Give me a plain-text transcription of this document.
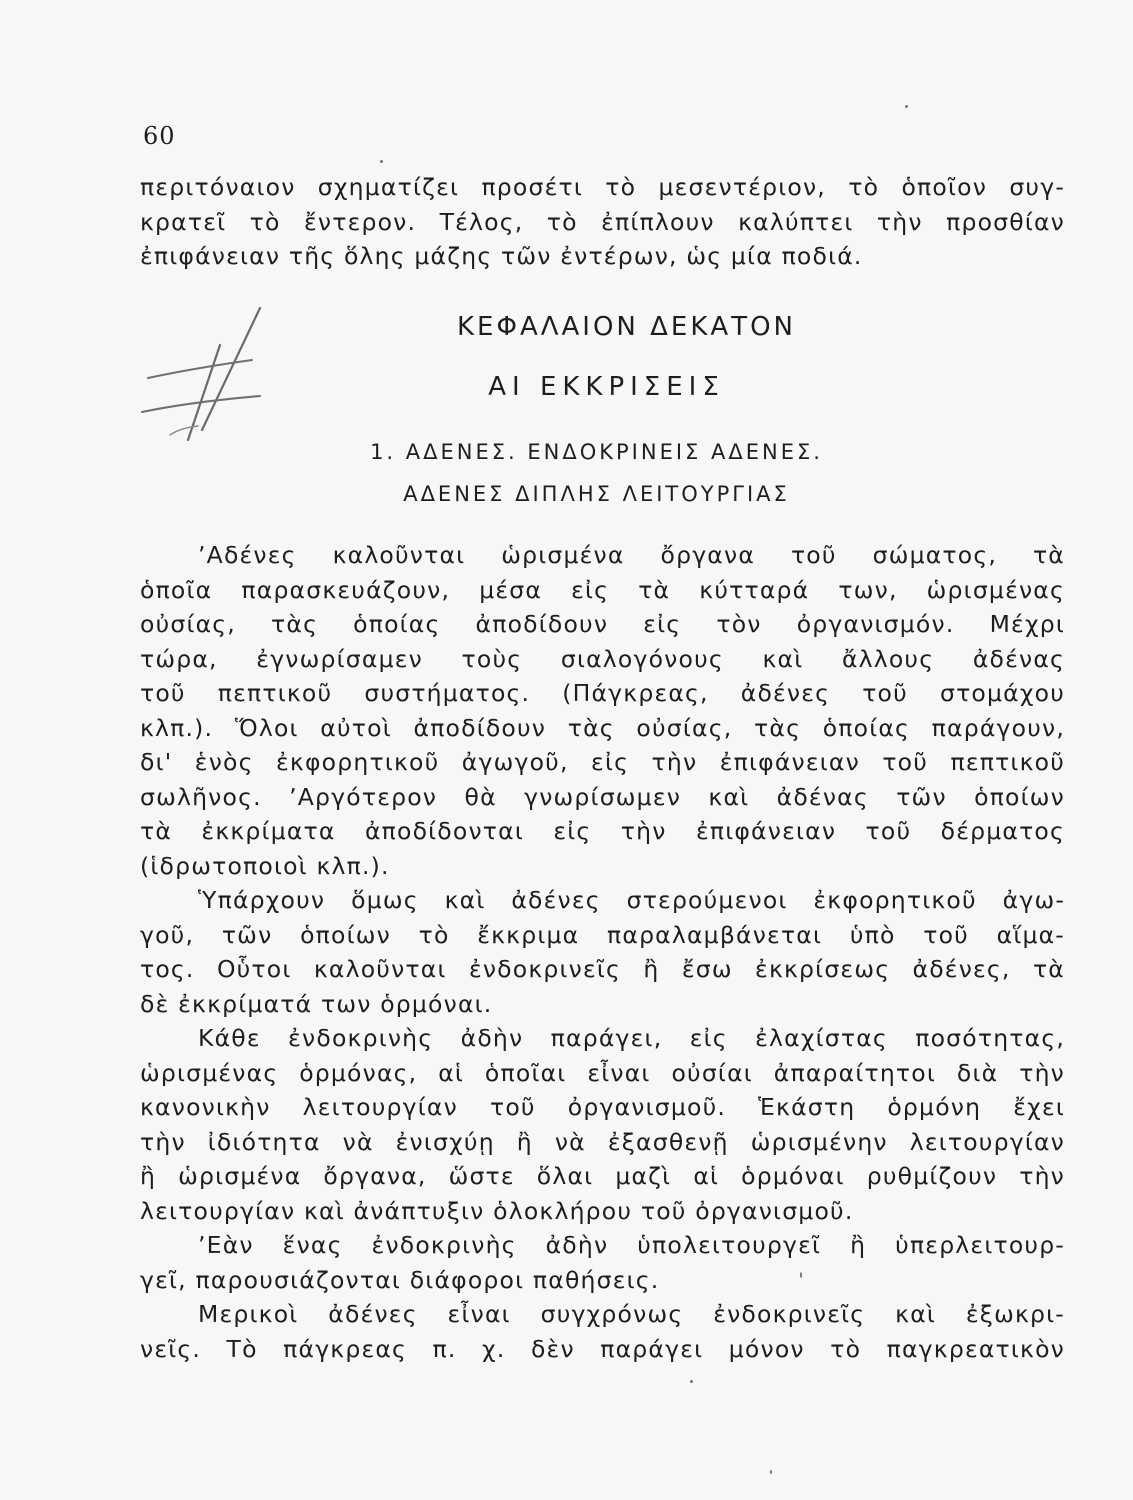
60
περιτόναιον σχηματίζει προσέτι τὸ μεσεντέριον, τὸ ὁποῖον συγ-
κρατεῖ τὸ ἔντερον. Τέλος, τὸ ἐπίπλουν καλύπτει τὴν προσθίαν
ἐπιφάνειαν τῆς ὅλης μάζης τῶν ἐντέρων, ὡς μία ποδιά.
ΚΕΦΑΛΑΙΟΝ ΔΕΚΑΤΟΝ
ΑΙ ΕΚΚΡΙΣΕΙΣ
1. ΑΔΕΝΕΣ. ΕΝΔΟΚΡΙΝΕΙΣ ΑΔΕΝΕΣ.
ΑΔΕΝΕΣ ΔΙΠΛΗΣ ΛΕΙΤΟΥΡΓΙΑΣ
ʼΑδένες καλοῦνται ὡρισμένα ὄργανα τοῦ σώματος, τὰ
ὁποῖα παρασκευάζουν, μέσα εἰς τὰ κύτταρά των, ὡρισμένας
οὐσίας, τὰς ὁποίας ἀποδίδουν εἰς τὸν ὀργανισμόν. Μέχρι
τώρα, ἐγνωρίσαμεν τοὺς σιαλογόνους καὶ ἄλλους ἀδένας
τοῦ πεπτικοῦ συστήματος. (Πάγκρεας, ἀδένες τοῦ στομάχου
κλπ.). Ὅλοι αὐτοὶ ἀποδίδουν τὰς οὐσίας, τὰς ὁποίας παράγουν,
δι' ἑνὸς ἐκφορητικοῦ ἀγωγοῦ, εἰς τὴν ἐπιφάνειαν τοῦ πεπτικοῦ
σωλῆνος. ʼΑργότερον θὰ γνωρίσωμεν καὶ ἀδένας τῶν ὁποίων
τὰ ἐκκρίματα ἀποδίδονται εἰς τὴν ἐπιφάνειαν τοῦ δέρματος
(ἱδρωτοποιοὶ κλπ.).
Ὑπάρχουν ὅμως καὶ ἀδένες στερούμενοι ἐκφορητικοῦ ἀγω-
γοῦ, τῶν ὁποίων τὸ ἔκκριμα παραλαμβάνεται ὑπὸ τοῦ αἵμα-
τος. Οὗτοι καλοῦνται ἐνδοκρινεῖς ἢ ἔσω ἐκκρίσεως ἀδένες, τὰ
δὲ ἐκκρίματά των ὁρμόναι.
Κάθε ἐνδοκρινὴς ἀδὴν παράγει, εἰς ἐλαχίστας ποσότητας,
ὡρισμένας ὁρμόνας, αἱ ὁποῖαι εἶναι οὐσίαι ἀπαραίτητοι διὰ τὴν
κανονικὴν λειτουργίαν τοῦ ὀργανισμοῦ. Ἑκάστη ὁρμόνη ἔχει
τὴν ἰδιότητα νὰ ἐνισχύῃ ἢ νὰ ἐξασθενῇ ὡρισμένην λειτουργίαν
ἢ ὡρισμένα ὄργανα, ὥστε ὅλαι μαζὶ αἱ ὁρμόναι ρυθμίζουν τὴν
λειτουργίαν καὶ ἀνάπτυξιν ὁλοκλήρου τοῦ ὀργανισμοῦ.
ʼΕὰν ἕνας ἐνδοκρινὴς ἀδὴν ὑπολειτουργεῖ ἢ ὑπερλειτουρ-
γεῖ, παρουσιάζονται διάφοροι παθήσεις.
Μερικοὶ ἀδένες εἶναι συγχρόνως ἐνδοκρινεῖς καὶ ἐξωκρι-
νεῖς. Τὸ πάγκρεας π. χ. δὲν παράγει μόνον τὸ παγκρεατικὸν
